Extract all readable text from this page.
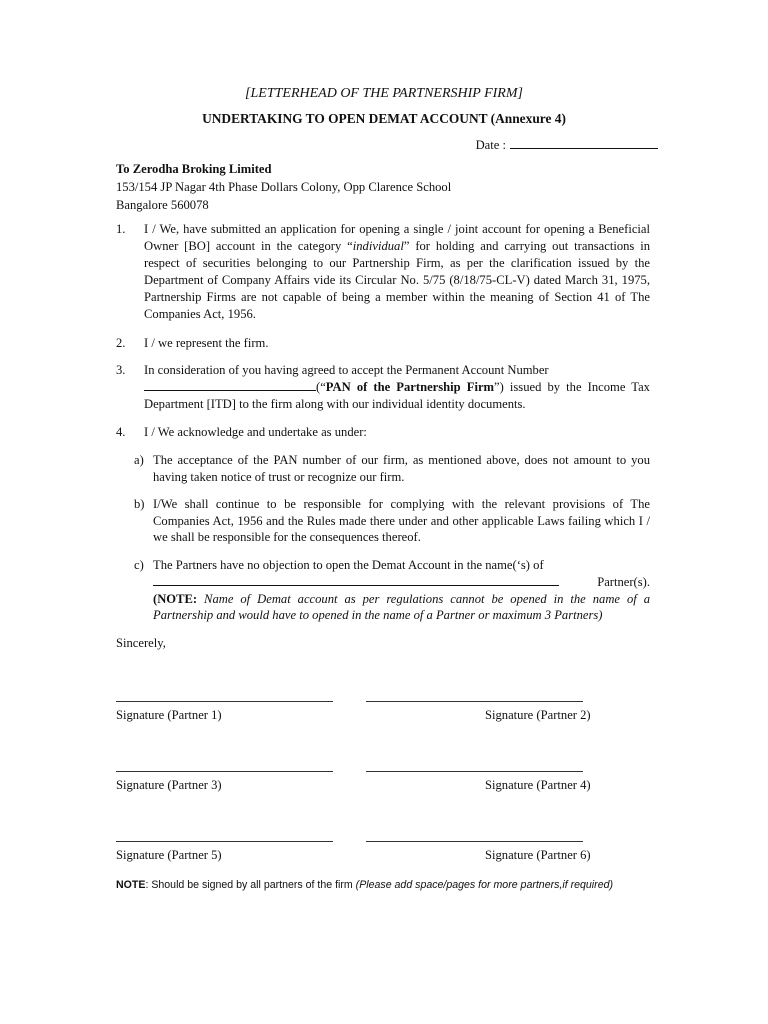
[LETTERHEAD OF THE PARTNERSHIP FIRM]
UNDERTAKING TO OPEN DEMAT ACCOUNT (Annexure 4)
Date :
To Zerodha Broking Limited
153/154 JP Nagar 4th Phase Dollars Colony, Opp Clarence School
Bangalore 560078
1. I / We, have submitted an application for opening a single / joint account for opening a Beneficial Owner [BO] account in the category “individual” for holding and carrying out transactions in respect of securities belonging to our Partnership Firm, as per the clarification issued by the Department of Company Affairs vide its Circular No. 5/75 (8/18/75-CL-V) dated March 31, 1975, Partnership Firms are not capable of being a member within the meaning of Section 41 of The Companies Act, 1956.
2. I / we represent the firm.
3. In consideration of you having agreed to accept the Permanent Account Number
(“PAN of the Partnership Firm”) issued by the Income Tax Department [ITD] to the firm along with our individual identity documents.
4. I / We acknowledge and undertake as under:
a) The acceptance of the PAN number of our firm, as mentioned above, does not amount to you having taken notice of trust or recognize our firm.
b) I/We shall continue to be responsible for complying with the relevant provisions of The Companies Act, 1956 and the Rules made there under and other applicable Laws failing which I / we shall be responsible for the consequences thereof.
c) The Partners have no objection to open the Demat Account in the name(‘s) of
Partner(s).
(NOTE: Name of Demat account as per regulations cannot be opened in the name of a Partnership and would have to opened in the name of a Partner or maximum 3 Partners)
Sincerely,
Signature (Partner 1)	Signature (Partner 2)
Signature (Partner 3)	Signature (Partner 4)
Signature (Partner 5)	Signature (Partner 6)
NOTE: Should be signed by all partners of the firm (Please add space/pages for more partners,if required)
